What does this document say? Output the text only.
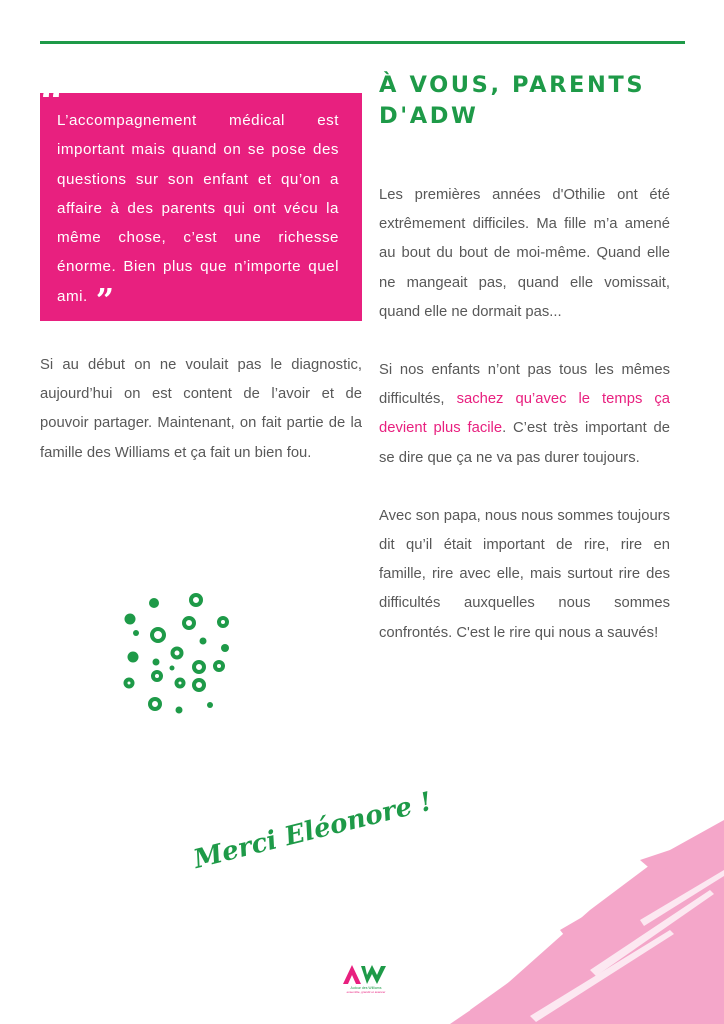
“

L’accompagnement médical est important mais quand on se pose des questions sur son enfant et qu’on a affaire à des parents qui ont vécu la même chose, c’est une richesse énorme. Bien plus que n’importe quel ami. ”

Si au début on ne voulait pas le diagnostic, aujourd’hui on est content de l’avoir et de pouvoir partager. Maintenant, on fait partie de la famille des Williams et ça fait un bien fou.

À VOUS, PARENTS
D'ADW

Les premières années d'Othilie ont été extrêmement difficiles. Ma fille m’a amené au bout du bout de moi-même. Quand elle ne mangeait pas, quand elle vomissait, quand elle ne dormait pas...

Si nos enfants n’ont pas tous les mêmes difficultés, sachez qu’avec le temps ça devient plus facile. C’est très important de se dire que ça ne va pas durer toujours.

Avec son papa, nous nous sommes toujours dit qu’il était important de rire, rire en famille, rire avec elle, mais surtout rire des difficultés auxquelles nous sommes confrontés. C'est le rire qui nous a sauvés!

Merci Eléonore !

Autour des Williams
ensemble, grandir et avancer
